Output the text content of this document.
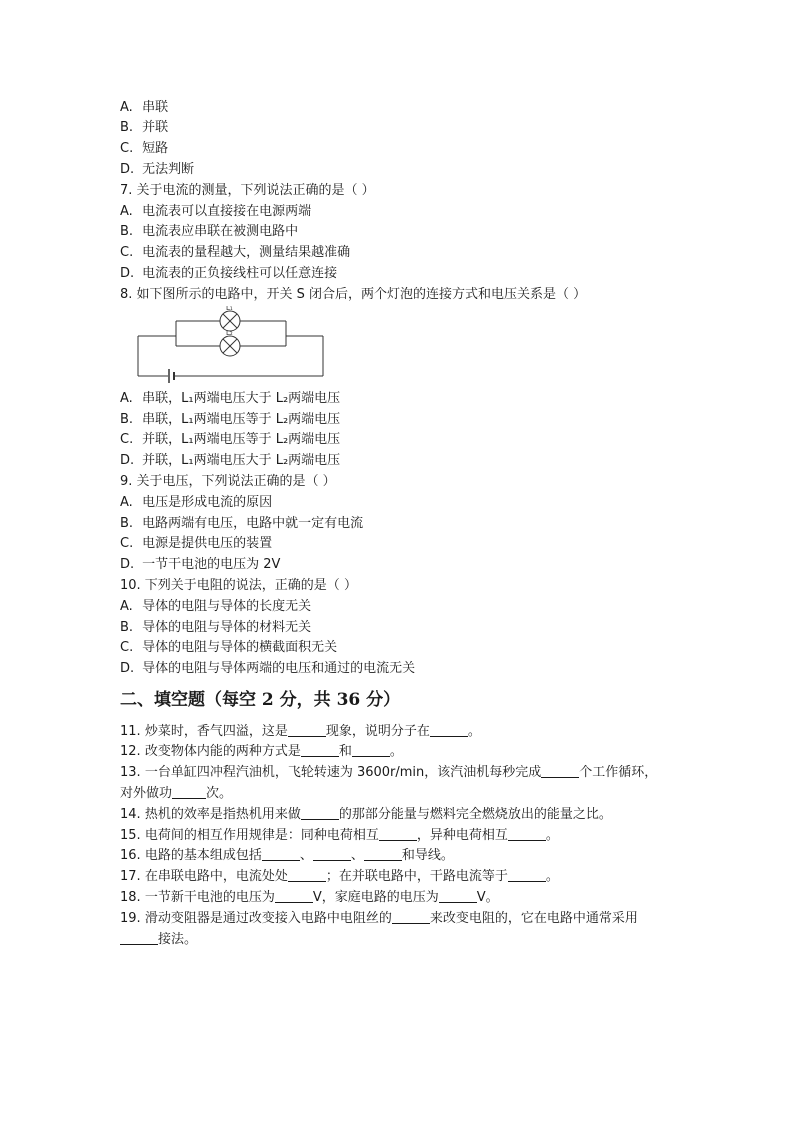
A. 串联
B. 并联
C. 短路
D. 无法判断
7. 关于电流的测量，下列说法正确的是（ ）
A. 电流表可以直接接在电源两端
B. 电流表应串联在被测电路中
C. 电流表的量程越大，测量结果越准确
D. 电流表的正负接线柱可以任意连接
8. 如下图所示的电路中，开关 S 闭合后，两个灯泡的连接方式和电压关系是（ ）
L₁
L₂
A. 串联，L₁两端电压大于 L₂两端电压
B. 串联，L₁两端电压等于 L₂两端电压
C. 并联，L₁两端电压等于 L₂两端电压
D. 并联，L₁两端电压大于 L₂两端电压
9. 关于电压，下列说法正确的是（ ）
A. 电压是形成电流的原因
B. 电路两端有电压，电路中就一定有电流
C. 电源是提供电压的装置
D. 一节干电池的电压为 2V
10. 下列关于电阻的说法，正确的是（ ）
A. 导体的电阻与导体的长度无关
B. 导体的电阻与导体的材料无关
C. 导体的电阻与导体的横截面积无关
D. 导体的电阻与导体两端的电压和通过的电流无关
二、填空题（每空 2 分，共 36 分）
11. 炒菜时，香气四溢，这是	现象，说明分子在	。
12. 改变物体内能的两种方式是	和	。
13. 一台单缸四冲程汽油机，飞轮转速为 3600r/min，该汽油机每秒完成	个工作循环，
对外做功	次。
14. 热机的效率是指热机用来做	的那部分能量与燃料完全燃烧放出的能量之比。
15. 电荷间的相互作用规律是：同种电荷相互	，异种电荷相互	。
16. 电路的基本组成包括	、	、	和导线。
17. 在串联电路中，电流处处	；在并联电路中，干路电流等于	。
18. 一节新干电池的电压为	V，家庭电路的电压为	V。
19. 滑动变阻器是通过改变接入电路中电阻丝的	来改变电阻的，它在电路中通常采用
接法。
